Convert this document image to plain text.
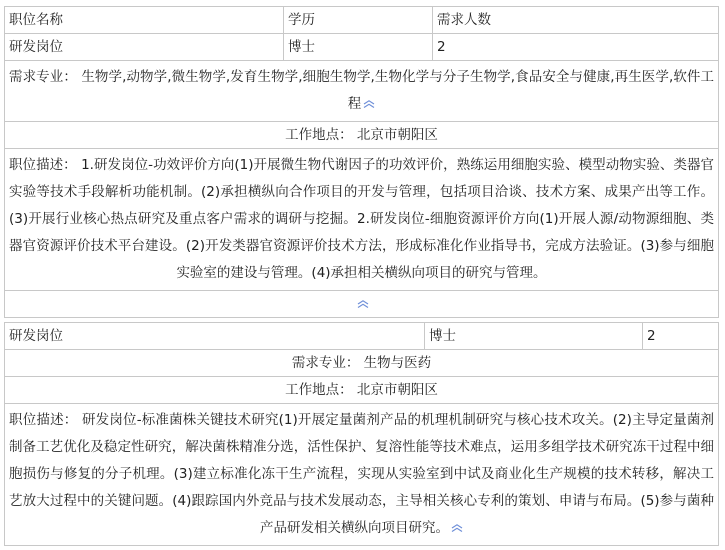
职位名称	学历	需求人数
研发岗位	博士	2
需求专业： 生物学,动物学,微生物学,发育生物学,细胞生物学,生物化学与分子生物学,食品安全与健康,再生医学,软件工程		

工作地点： 北京市朝阳区		
职位描述： 1.研发岗位-功效评价方向(1)开展微生物代谢因子的功效评价，熟练运用细胞实验、模型动物实验、类器官实验等技术手段解析功能机制。(2)承担横纵向合作项目的开发与管理，包括项目洽谈、技术方案、成果产出等工作。(3)开展行业核心热点研究及重点客户需求的调研与挖掘。2.研发岗位-细胞资源评价方向(1)开展人源/动物源细胞、类器官资源评价技术平台建设。(2)开发类器官资源评价技术方法，形成标准化作业指导书，完成方法验证。(3)参与细胞实验室的建设与管理。(4)承担相关横纵向项目的研究与管理。		

研发岗位	博士	2
需求专业： 生物与医药
工作地点： 北京市朝阳区
职位描述： 研发岗位-标准菌株关键技术研究(1)开展定量菌剂产品的机理机制研究与核心技术攻关。(2)主导定量菌剂制备工艺优化及稳定性研究，解决菌株精准分选，活性保护、复溶性能等技术难点，运用多组学技术研究冻干过程中细胞损伤与修复的分子机理。(3)建立标准化冻干生产流程，实现从实验室到中试及商业化生产规模的技术转移，解决工艺放大过程中的关键问题。(4)跟踪国内外竞品与技术发展动态，主导相关核心专利的策划、申请与布局。(5)参与菌种产品研发相关横纵向项目研究。
